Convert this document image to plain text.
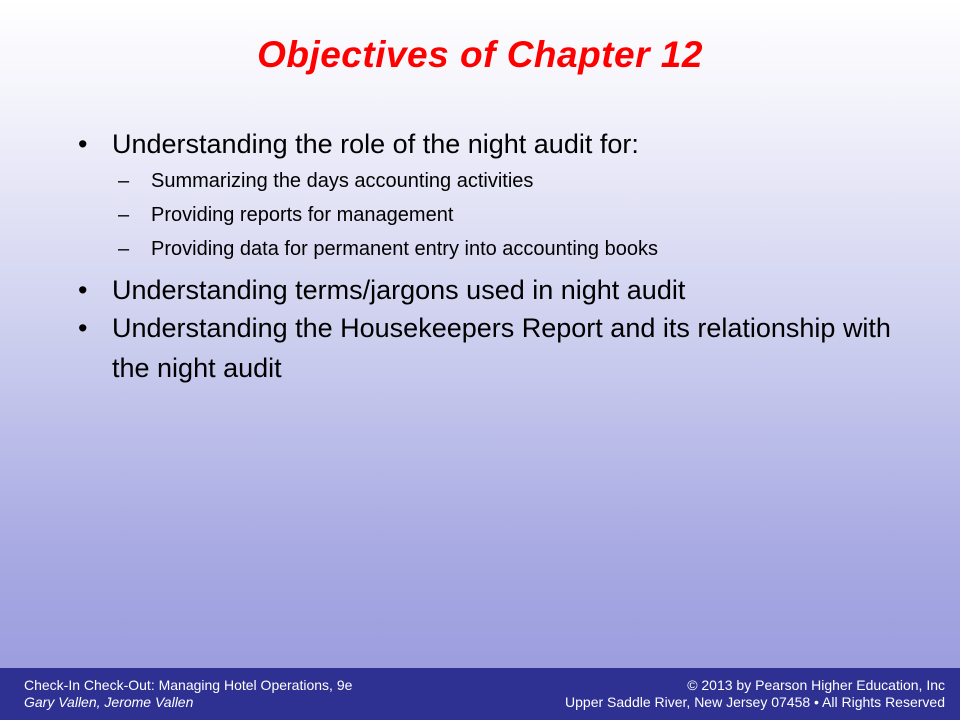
Objectives of Chapter 12
• Understanding the role of the night audit for:
– Summarizing the days accounting activities
– Providing reports for management
– Providing data for permanent entry into accounting books
• Understanding terms/jargons used in night audit
• Understanding the Housekeepers Report and its relationship with the night audit
Check-In Check-Out: Managing Hotel Operations, 9e
Gary Vallen, Jerome Vallen
© 2013 by Pearson Higher Education, Inc
Upper Saddle River, New Jersey 07458 • All Rights Reserved
